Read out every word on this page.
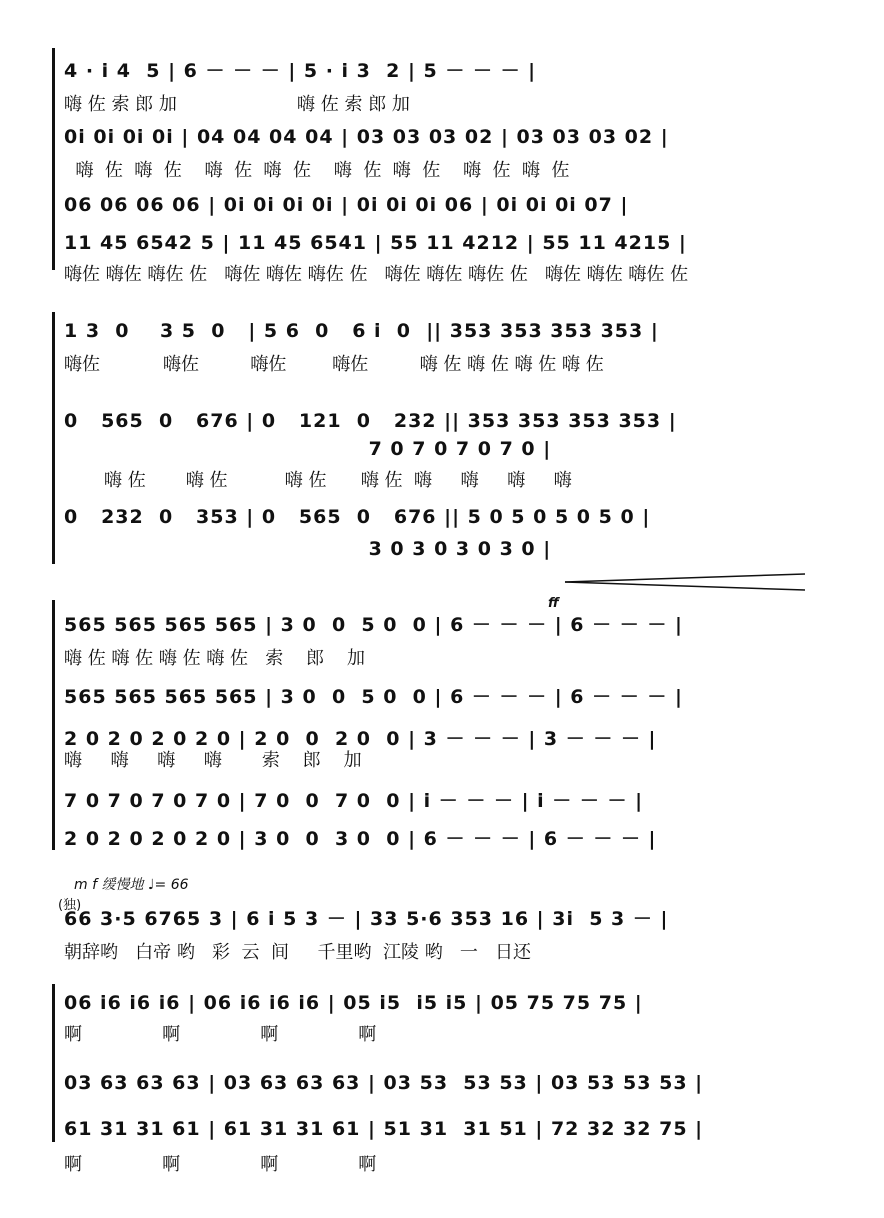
4 · i 4  5 | 6 － － － | 5 · i 3  2 | 5 － － － |
嗨 佐 索 郎 加                     嗨 佐 索 郎 加
0i 0i 0i 0i | 04 04 04 04 | 03 03 03 02 | 03 03 03 02 |
嗨  佐  嗨  佐    嗨  佐  嗨  佐    嗨  佐  嗨  佐    嗨  佐  嗨  佐
06 06 06 06 | 0i 0i 0i 0i | 0i 0i 0i 06 | 0i 0i 0i 07 |
11 45 6542 5 | 11 45 6541 | 55 11 4212 | 55 11 4215 |
嗨佐 嗨佐 嗨佐 佐   嗨佐 嗨佐 嗨佐 佐   嗨佐 嗨佐 嗨佐 佐   嗨佐 嗨佐 嗨佐 佐
1 3  0    3 5  0   | 5 6  0   6 i  0  || 353 353 353 353 |
嗨佐           嗨佐         嗨佐        嗨佐         嗨 佐 嗨 佐 嗨 佐 嗨 佐
0   565  0   676 | 0   121  0   232 || 353 353 353 353 |
7 0 7 0 7 0 7 0 |
嗨 佐       嗨 佐          嗨 佐      嗨 佐  嗨     嗨     嗨     嗨
0   232  0   353 | 0   565  0   676 || 5 0 5 0 5 0 5 0 |
3 0 3 0 3 0 3 0 |
ff
565 565 565 565 | 3 0  0  5 0  0 | 6 － － － | 6 － － － |
嗨 佐 嗨 佐 嗨 佐 嗨 佐   索    郎    加
565 565 565 565 | 3 0  0  5 0  0 | 6 － － － | 6 － － － |
2 0 2 0 2 0 2 0 | 2 0  0  2 0  0 | 3 － － － | 3 － － － |
嗨     嗨     嗨     嗨       索    郎    加
7 0 7 0 7 0 7 0 | 7 0  0  7 0  0 | i － － － | i － － － |
2 0 2 0 2 0 2 0 | 3 0  0  3 0  0 | 6 － － － | 6 － － － |
m f 缓慢地 ♩= 66
(独)
66 3·5 6765 3 | 6 i 5 3 － | 33 5·6 353 16 | 3i  5 3 － |
朝辞哟   白帝 哟   彩  云  间     千里哟  江陵 哟   一   日还
06 i6 i6 i6 | 06 i6 i6 i6 | 05 i5  i5 i5 | 05 75 75 75 |
啊              啊              啊              啊
03 63 63 63 | 03 63 63 63 | 03 53  53 53 | 03 53 53 53 |
61 31 31 61 | 61 31 31 61 | 51 31  31 51 | 72 32 32 75 |
啊              啊              啊              啊
